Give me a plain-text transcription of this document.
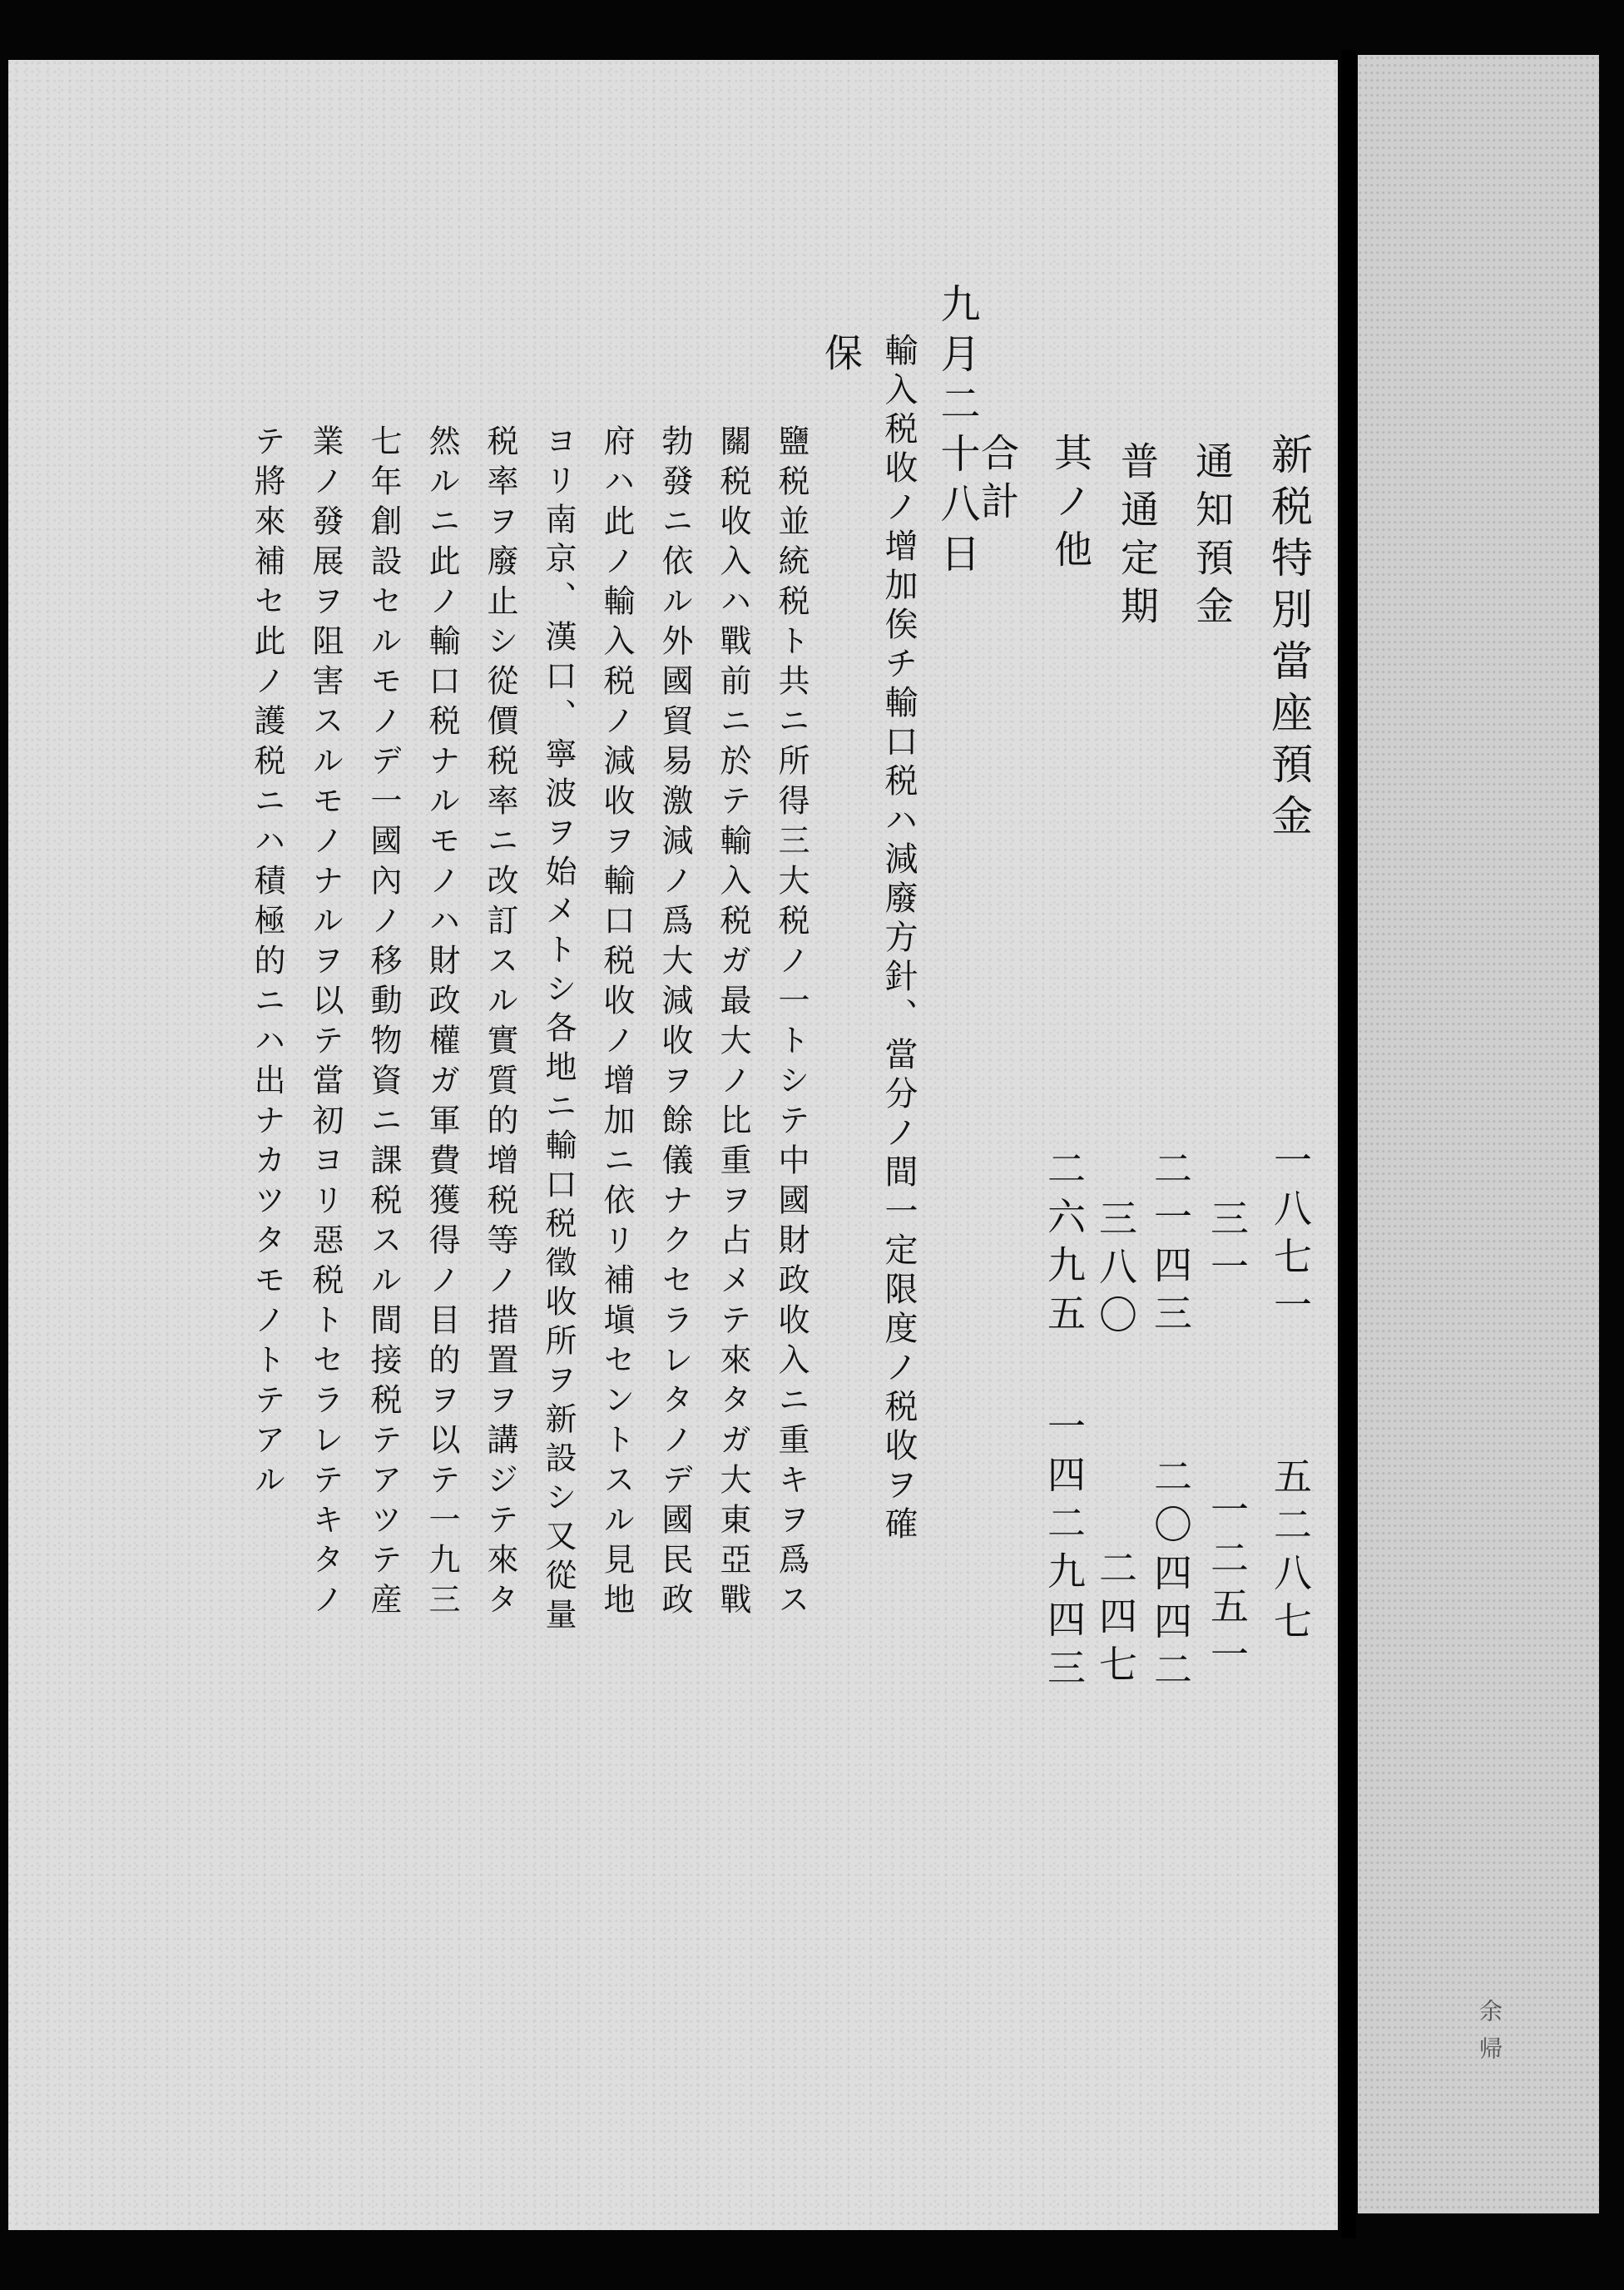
余 帰
新税特別當座預金
通知預金
普通定期
其ノ他
合計
一八七一
五二八七
三一
一二五一
二一四三
二〇四四二
三八〇
二四七
二六九五
一四二九四三
九月二十八日
輸入税收ノ增加俟チ輸口税ハ減廢方針、當分ノ間一定限度ノ税收ヲ確
保
鹽税並統税ト共ニ所得三大税ノ一トシテ中國財政收入ニ重キヲ爲ス
關税收入ハ戰前ニ於テ輸入税ガ最大ノ比重ヲ占メテ來タガ大東亞戰
勃發ニ依ル外國貿易激減ノ爲大減收ヲ餘儀ナクセラレタノデ國民政
府ハ此ノ輸入税ノ減收ヲ輸口税收ノ增加ニ依リ補塡セントスル見地
ヨリ南京、漢口、寧波ヲ始メトシ各地ニ輸口税徵收所ヲ新設シ又從量
税率ヲ廢止シ從價税率ニ改訂スル實質的增税等ノ措置ヲ講ジテ來タ
然ルニ此ノ輸口税ナルモノハ財政權ガ軍費獲得ノ目的ヲ以テ一九三
七年創設セルモノデ一國內ノ移動物資ニ課税スル間接税テアツテ産
業ノ發展ヲ阻害スルモノナルヲ以テ當初ヨリ惡税トセラレテキタノ
テ將來補セ此ノ護税ニハ積極的ニハ出ナカツタモノトテアル
